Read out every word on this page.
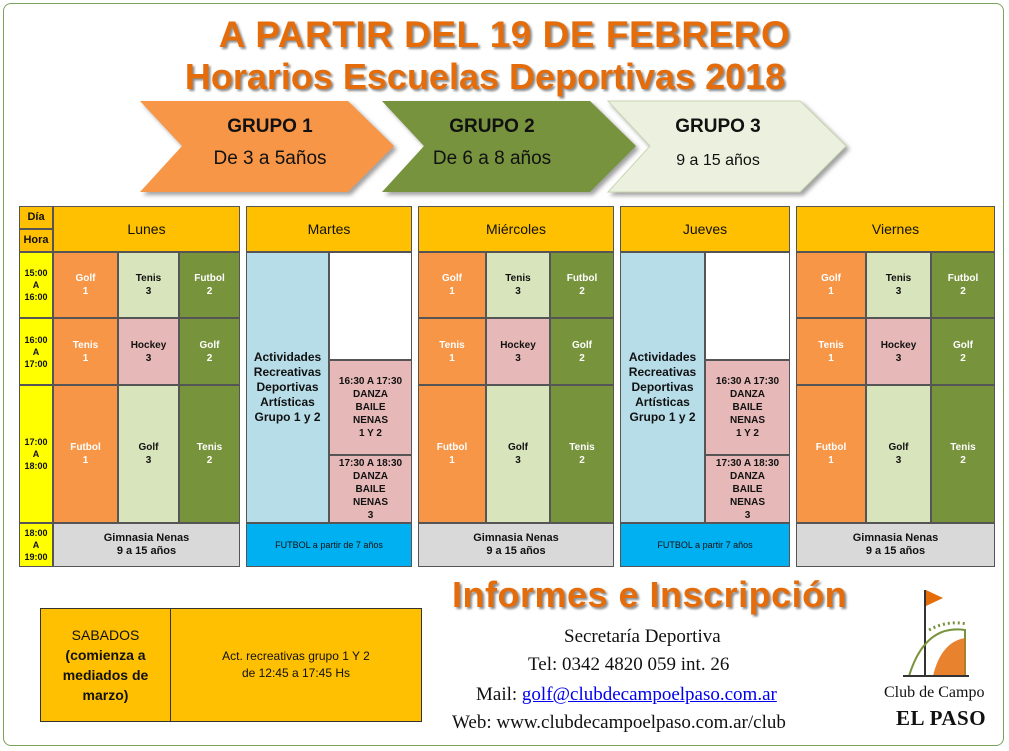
A PARTIR DEL 19 DE FEBRERO
Horarios Escuelas Deportivas 2018
GRUPO 1
De 3 a 5años
GRUPO 2
De 6 a 8 años
GRUPO 3
9 a 15 años
Día
Hora
15:00
A
16:00
16:00
A
17:00
17:00
A
18:00
18:00
A
19:00
Lunes
Golf
1
Tenis
3
Futbol
2
Tenis
1
Hockey
3
Golf
2
Futbol
1
Golf
3
Tenis
2
Gimnasia Nenas
9 a 15 años
Martes
Actividades
Recreativas
Deportivas
Artísticas
Grupo 1 y 2
16:30 A 17:30
DANZA
BAILE
NENAS
1 Y 2
17:30 A 18:30
DANZA
BAILE
NENAS
3
FUTBOL a partir de 7 años
Miércoles
Golf
1
Tenis
3
Futbol
2
Tenis
1
Hockey
3
Golf
2
Futbol
1
Golf
3
Tenis
2
Gimnasia Nenas
9 a 15 años
Jueves
Actividades
Recreativas
Deportivas
Artísticas
Grupo 1 y 2
16:30 A 17:30
DANZA
BAILE
NENAS
1 Y 2
17:30 A 18:30
DANZA
BAILE
NENAS
3
FUTBOL a partir 7 años
Viernes
Golf
1
Tenis
3
Futbol
2
Tenis
1
Hockey
3
Golf
2
Futbol
1
Golf
3
Tenis
2
Gimnasia Nenas
9 a 15 años
SABADOS
(comienza a
mediados de
marzo)
Act. recreativas grupo 1 Y 2
de 12:45 a 17:45 Hs
Informes e Inscripción
Secretaría Deportiva
Tel: 0342 4820 059 int. 26
Mail: golf@clubdecampoelpaso.com.ar
Web: www.clubdecampoelpaso.com.ar/club
Club de Campo
EL PASO
